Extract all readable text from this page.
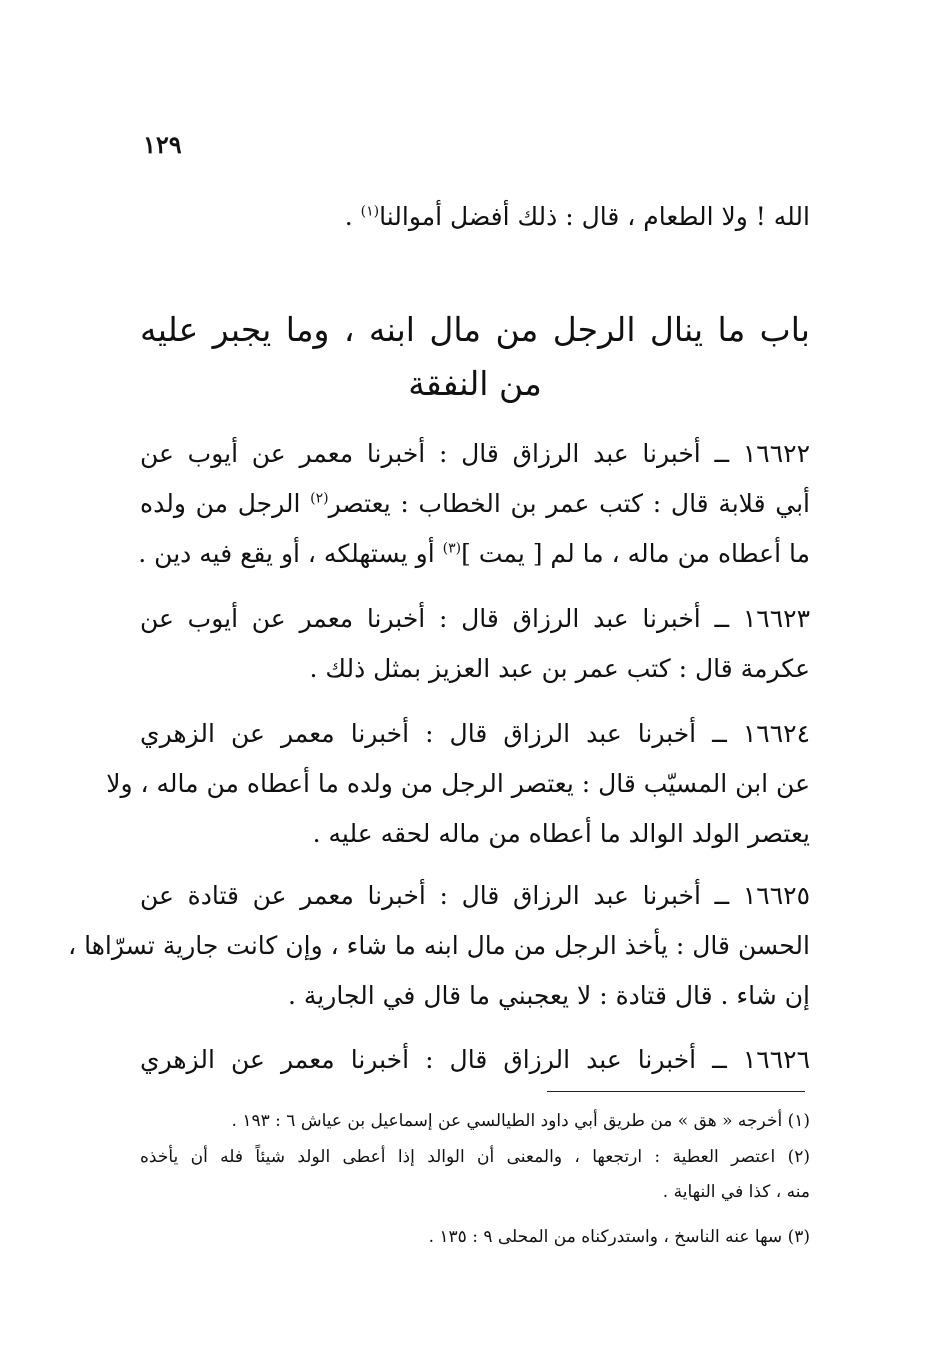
١٢٩
الله ! ولا الطعام ، قال : ذلك أفضل أموالنا$^{(١)}$ .
باب ما ينال الرجل من مال ابنه ، وما يجبر عليه
من النفقة
١٦٦٢٢ ــ أخبرنا عبد الرزاق قال : أخبرنا معمر عن أيوب عن
أبي قلابة قال : كتب عمر بن الخطاب : يعتصر$^{(٢)}$ الرجل من ولده
ما أعطاه من ماله ، ما لم [ يمت ]$^{(٣)}$ أو يستهلكه ، أو يقع فيه دين .
١٦٦٢٣ ــ أخبرنا عبد الرزاق قال : أخبرنا معمر عن أيوب عن
عكرمة قال : كتب عمر بن عبد العزيز بمثل ذلك .
١٦٦٢٤ ــ أخبرنا عبد الرزاق قال : أخبرنا معمر عن الزهري
عن ابن المسيّب قال : يعتصر الرجل من ولده ما أعطاه من ماله ، ولا
يعتصر الولد الوالد ما أعطاه من ماله لحقه عليه .
١٦٦٢٥ ــ أخبرنا عبد الرزاق قال : أخبرنا معمر عن قتادة عن
الحسن قال : يأخذ الرجل من مال ابنه ما شاء ، وإن كانت جارية تسرّاها ،
إن شاء . قال قتادة : لا يعجبني ما قال في الجارية .
١٦٦٢٦ ــ أخبرنا عبد الرزاق قال : أخبرنا معمر عن الزهري
(١) أخرجه « هق » من طريق أبي داود الطيالسي عن إسماعيل بن عياش ٦ : ١٩٣ .
(٢) اعتصر العطية : ارتجعها ، والمعنى أن الوالد إذا أعطى الولد شيئاً فله أن يأخذه
منه ، كذا في النهاية .
(٣) سها عنه الناسخ ، واستدركناه من المحلى ٩ : ١٣٥ .
